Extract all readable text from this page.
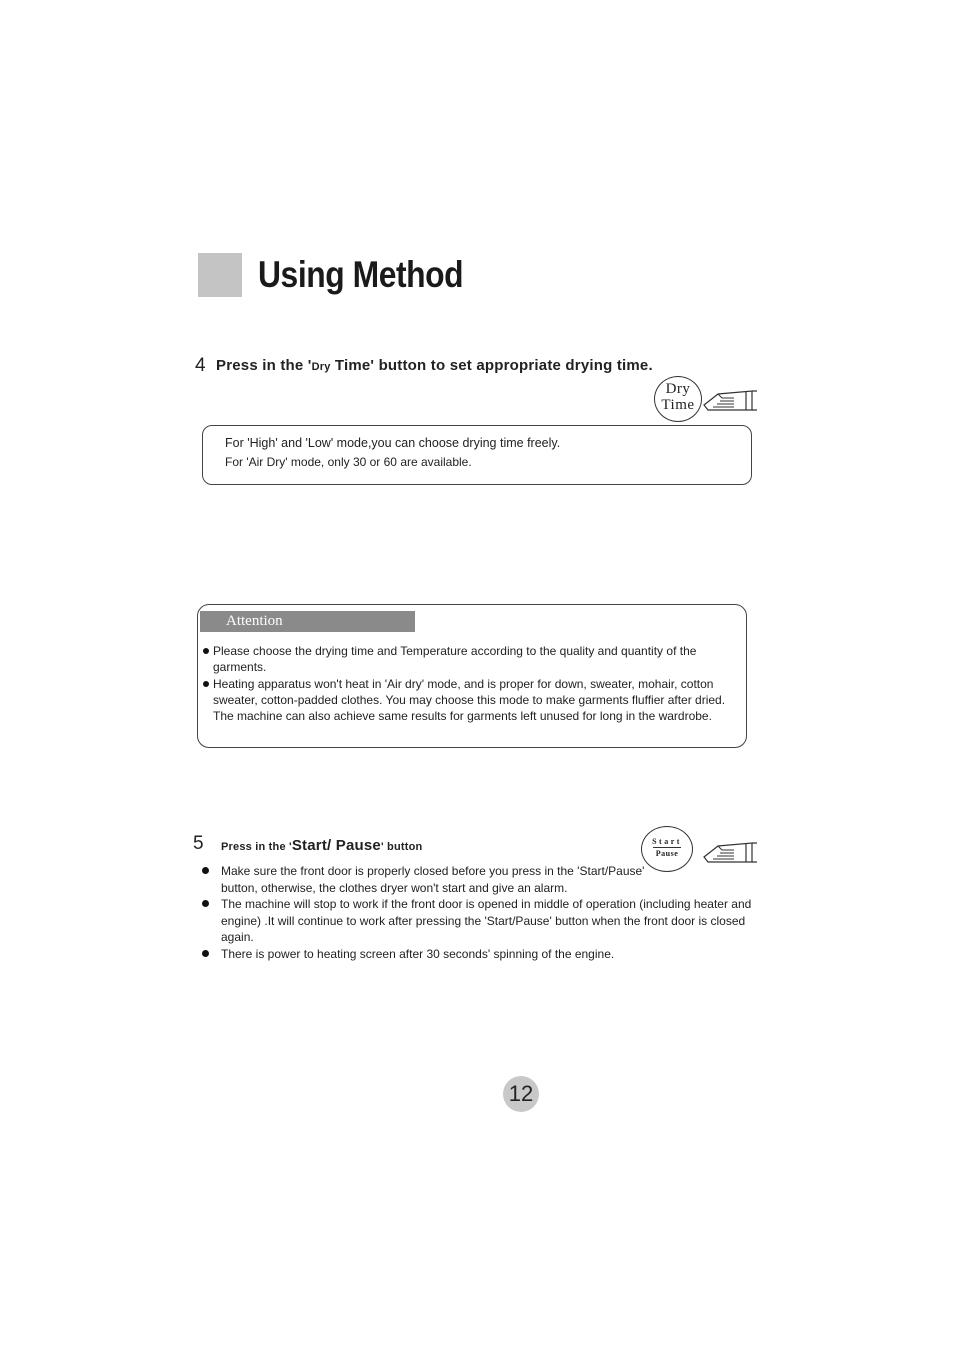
Using Method
4 Press in the 'Dry Time' button to set appropriate drying time.
Dry
Time
For 'High' and 'Low' mode,you can choose drying time freely.
For 'Air Dry' mode, only 30 or 60 are available.
Attention
Please choose the drying time and Temperature according to the quality and quantity of the garments.
Heating apparatus won't heat in 'Air dry' mode, and is proper for down, sweater, mohair, cotton sweater, cotton-padded clothes. You may choose this mode to make garments fluffier after dried. The machine can also achieve same results for garments left unused for long in the wardrobe.
5 Press in the 'Start/ Pause' button	Start
Pause
Make sure the front door is properly closed before you press in the 'Start/Pause' button, otherwise, the clothes dryer won't start and give an alarm.
The machine will stop to work if the front door is opened in middle of operation (including heater and engine) .It will continue to work after pressing the 'Start/Pause' button when the front door is closed again.
There is power to heating screen after 30 seconds' spinning of the engine.
12
